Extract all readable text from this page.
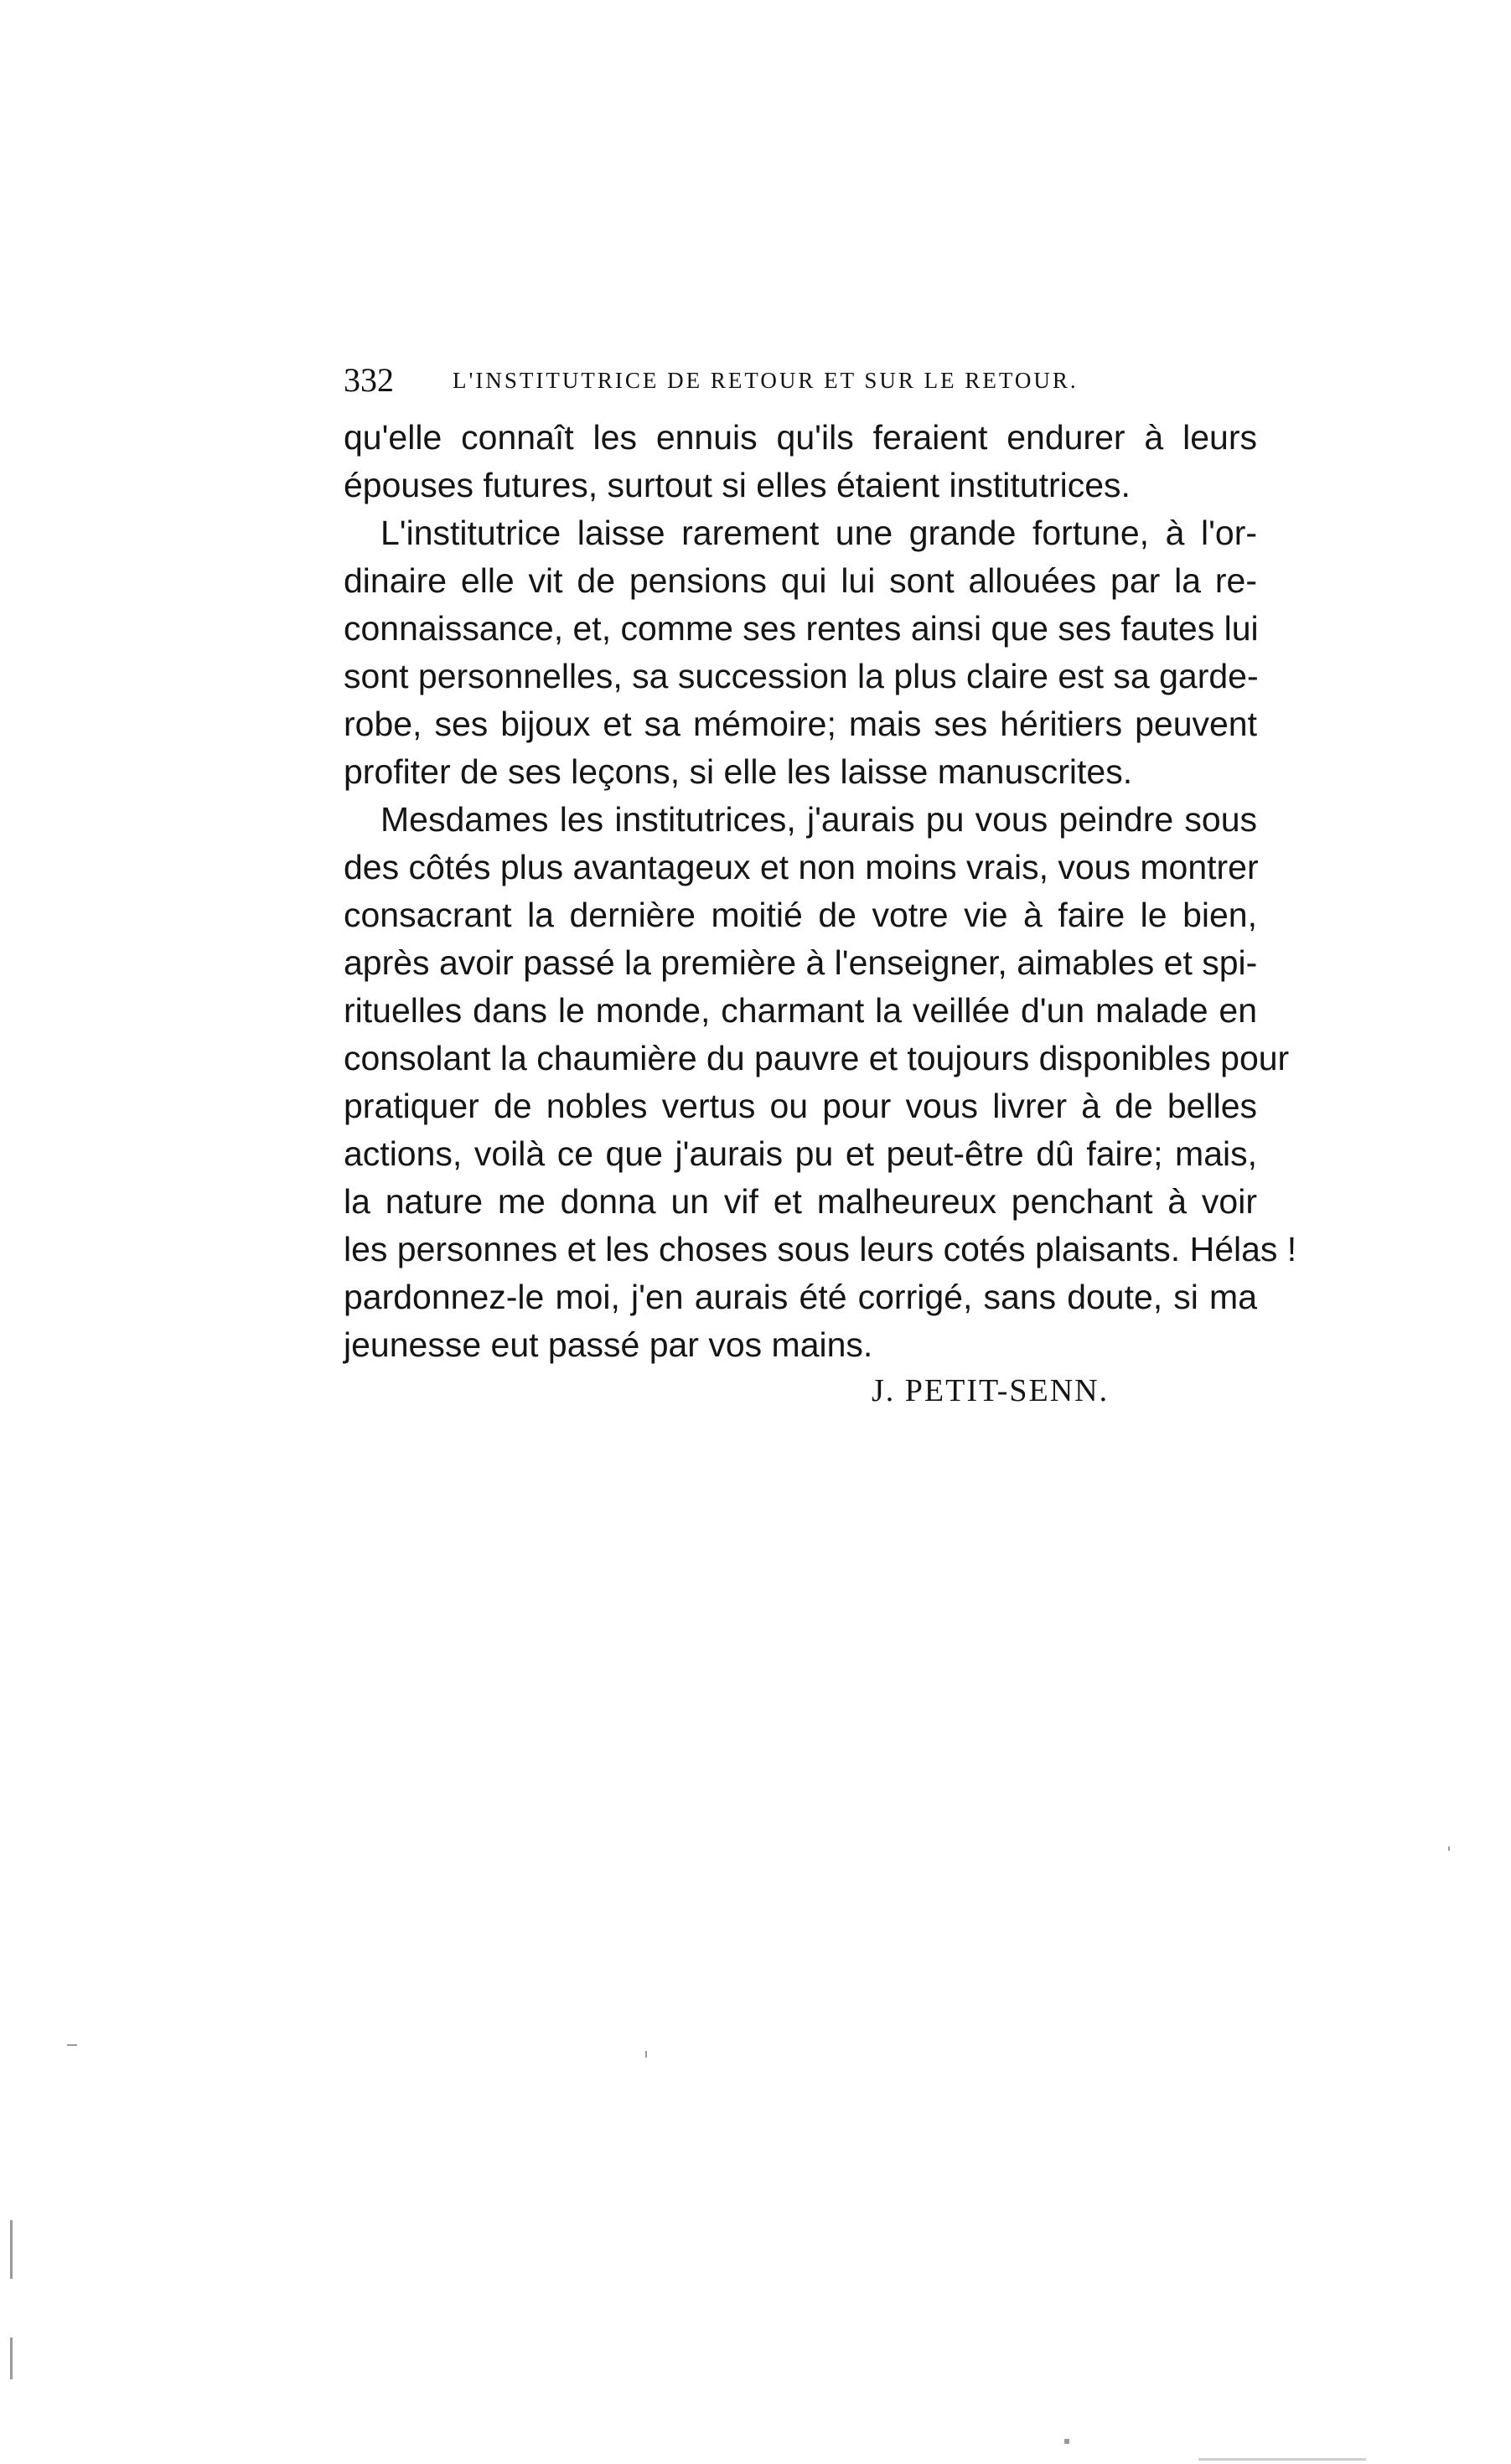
332	L'INSTITUTRICE DE RETOUR ET SUR LE RETOUR.
qu'elle connaît les ennuis qu'ils feraient endurer à leurs
épouses futures, surtout si elles étaient institutrices.
L'institutrice laisse rarement une grande fortune, à l'or-
dinaire elle vit de pensions qui lui sont allouées par la re-
connaissance, et, comme ses rentes ainsi que ses fautes lui
sont personnelles, sa succession la plus claire est sa garde-
robe, ses bijoux et sa mémoire; mais ses héritiers peuvent
profiter de ses leçons, si elle les laisse manuscrites.
Mesdames les institutrices, j'aurais pu vous peindre sous
des côtés plus avantageux et non moins vrais, vous montrer
consacrant la dernière moitié de votre vie à faire le bien,
après avoir passé la première à l'enseigner, aimables et spi-
rituelles dans le monde, charmant la veillée d'un malade en
consolant la chaumière du pauvre et toujours disponibles pour
pratiquer de nobles vertus ou pour vous livrer à de belles
actions, voilà ce que j'aurais pu et peut-être dû faire; mais,
la nature me donna un vif et malheureux penchant à voir
les personnes et les choses sous leurs cotés plaisants. Hélas !
pardonnez-le moi, j'en aurais été corrigé, sans doute, si ma
jeunesse eut passé par vos mains.
J. PETIT-SENN.
